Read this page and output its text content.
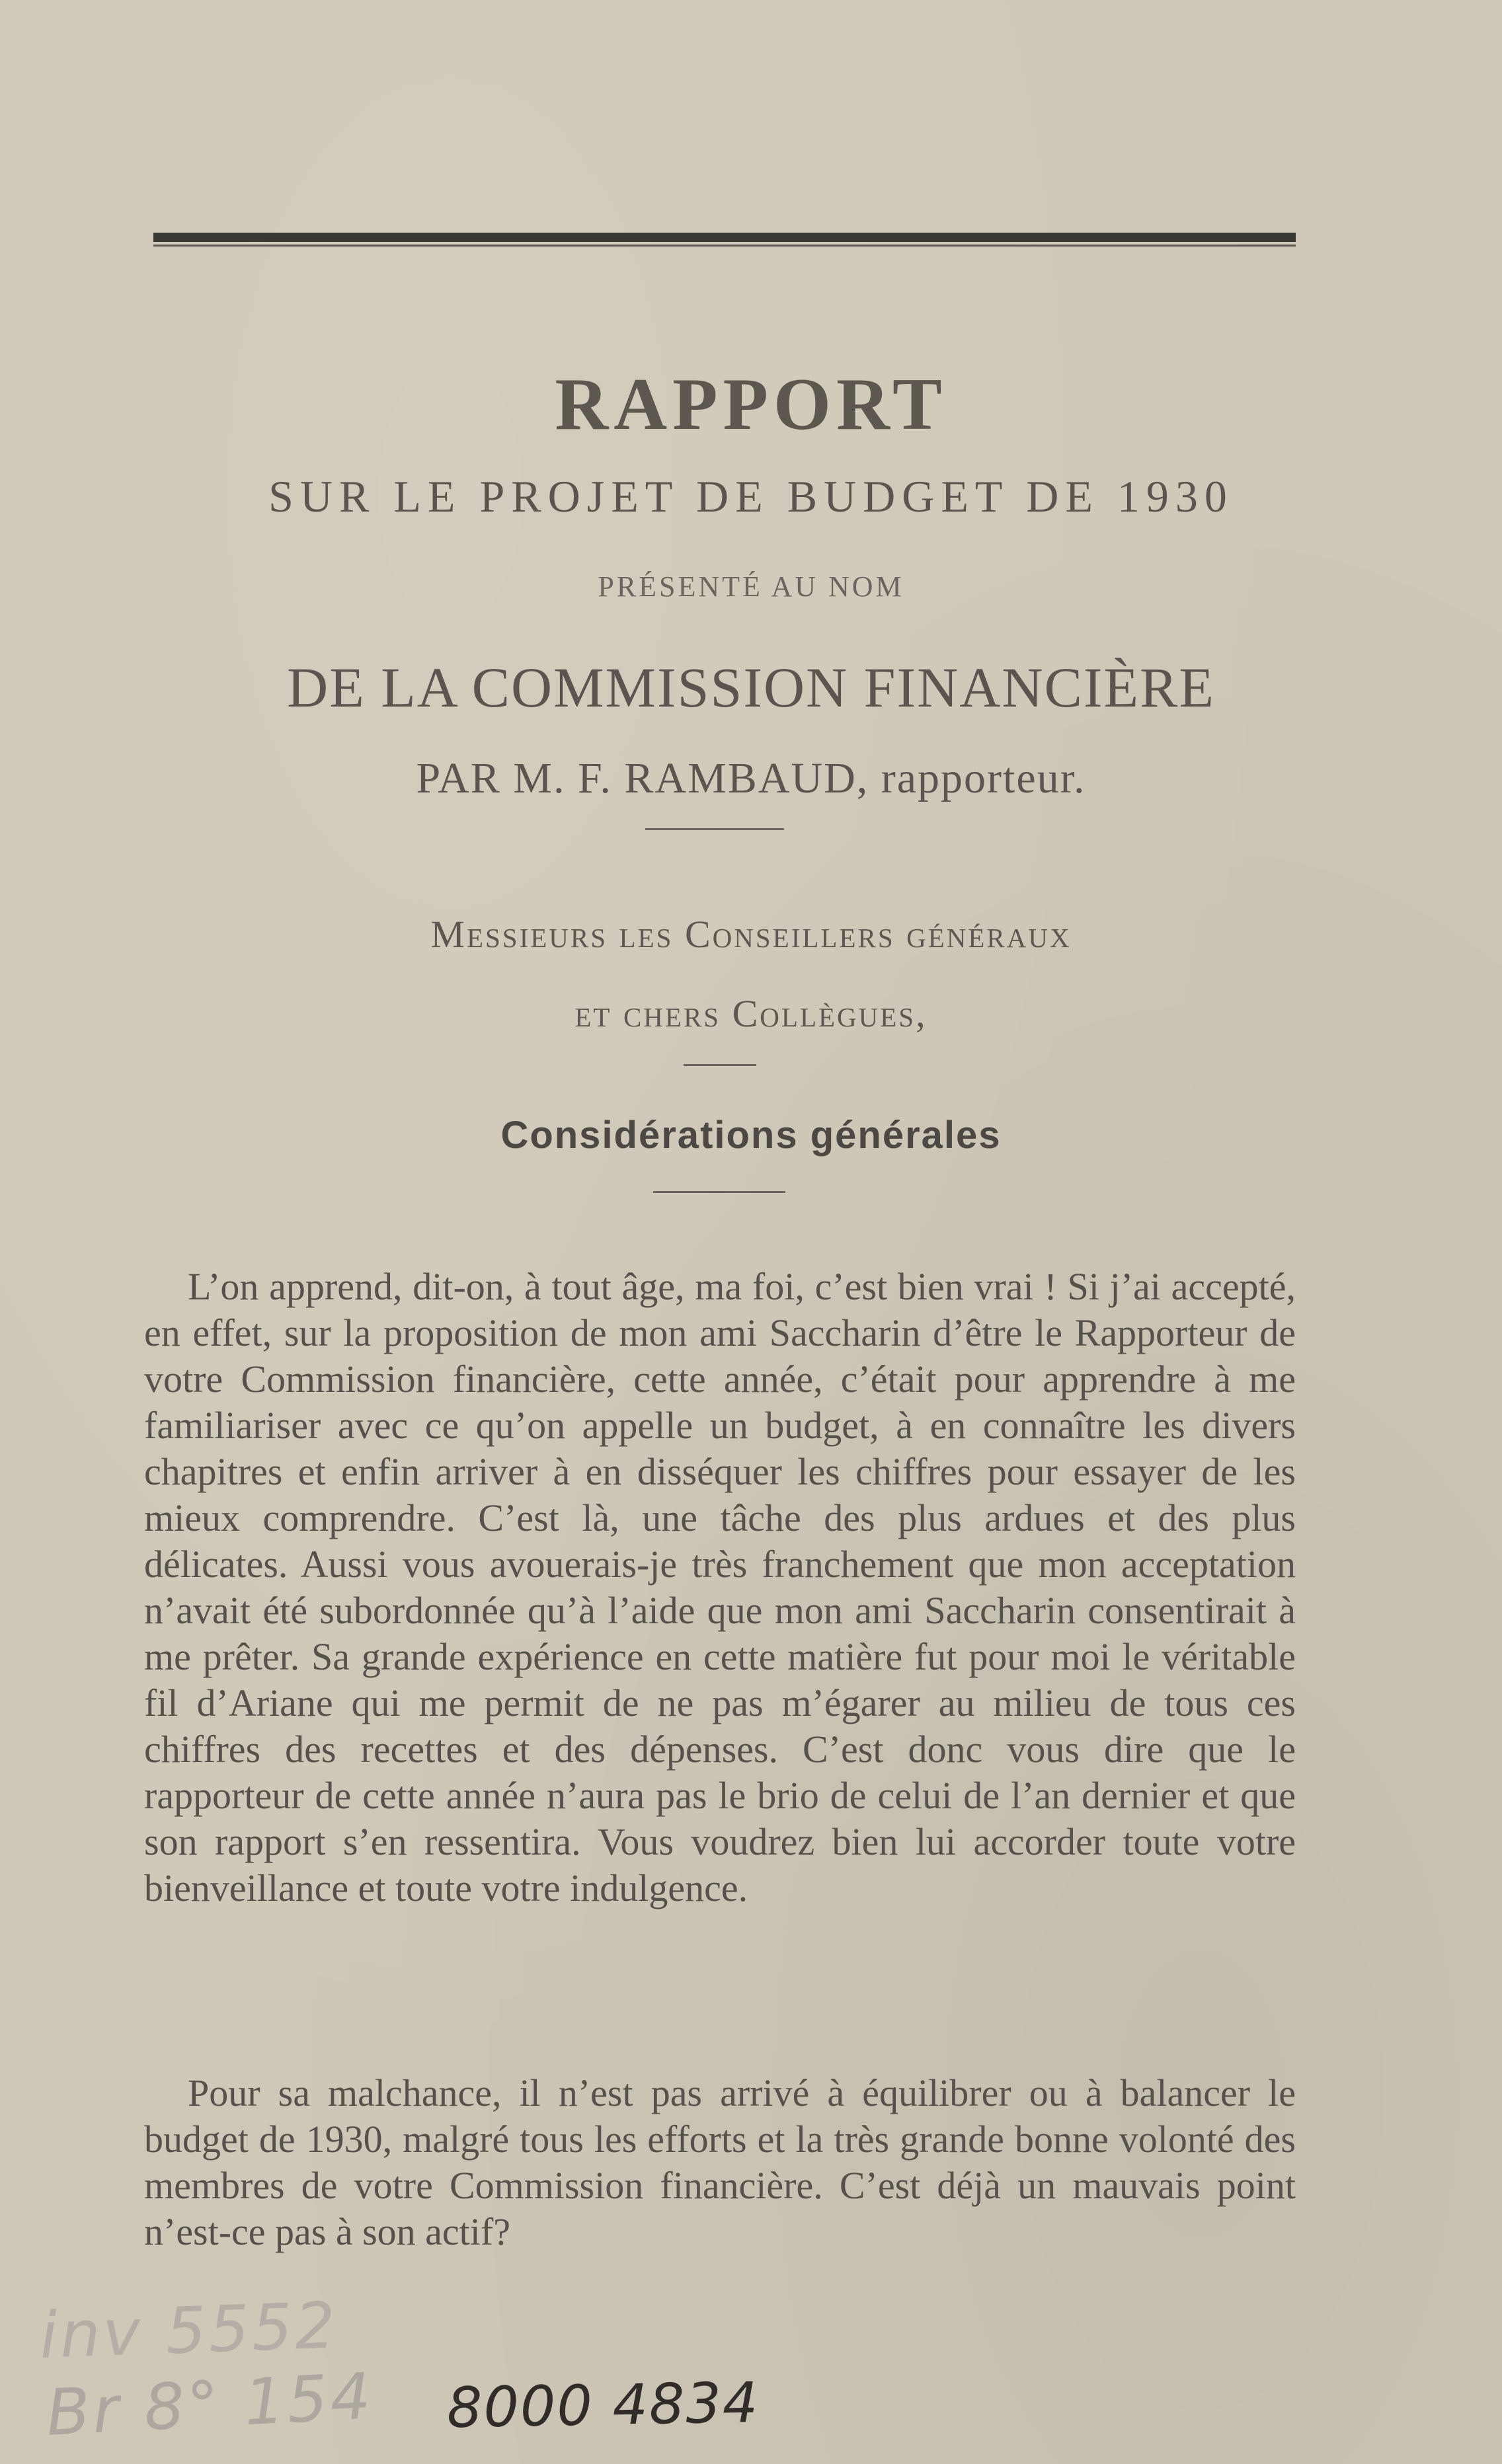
RAPPORT

SUR LE PROJET DE BUDGET DE 1930

PRÉSENTÉ AU NOM

DE LA COMMISSION FINANCIÈRE

PAR M. F. RAMBAUD, rapporteur.

Messieurs les Conseillers généraux

et chers Collègues,

Considérations générales

L’on apprend, dit-on, à tout âge, ma foi, c’est bien vrai ! Si j’ai accepté, en effet, sur la proposition de mon ami Saccharin d’être le Rapporteur de votre Commission financière, cette année, c’était pour apprendre à me familiariser avec ce qu’on appelle un budget, à en connaître les divers chapitres et enfin arriver à en disséquer les chiffres pour essayer de les mieux comprendre. C’est là, une tâche des plus ardues et des plus délicates. Aussi vous avouerais-je très franchement que mon acceptation n’avait été subordonnée qu’à l’aide que mon ami Saccharin consentirait à me prêter. Sa grande expérience en cette matière fut pour moi le véritable fil d’Ariane qui me permit de ne pas m’égarer au milieu de tous ces chiffres des recettes et des dépenses. C’est donc vous dire que le rapporteur de cette année n’aura pas le brio de celui de l’an dernier et que son rapport s’en ressentira. Vous voudrez bien lui accorder toute votre bienveillance et toute votre indulgence.

Pour sa malchance, il n’est pas arrivé à équilibrer ou à balancer le budget de 1930, malgré tous les efforts et la très grande bonne volonté des membres de votre Commission financière. C’est déjà un mauvais point n’est-ce pas à son actif?

inv 5552
Br 8° 154 8000 4834
